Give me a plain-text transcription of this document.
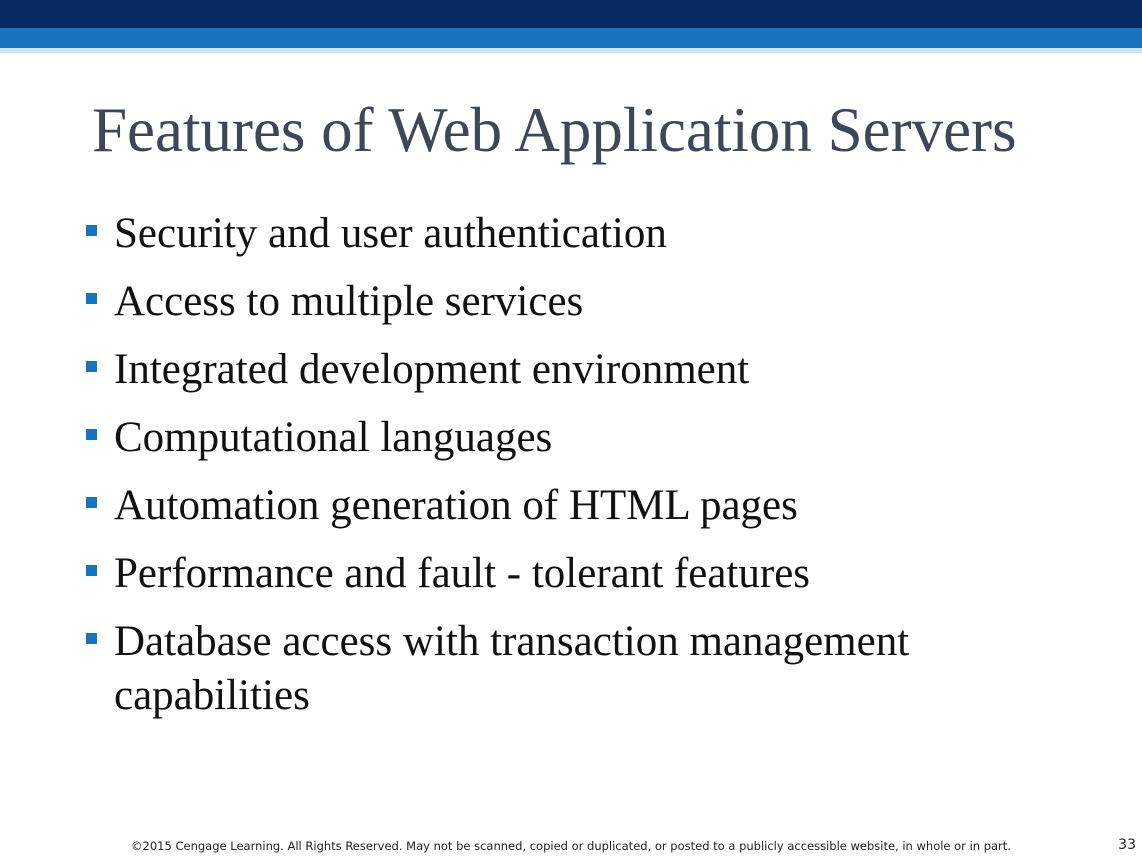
Features of Web Application Servers
Security and user authentication
Access to multiple services
Integrated development environment
Computational languages
Automation generation of HTML pages
Performance and fault - tolerant features
Database access with transaction management capabilities
©2015 Cengage Learning. All Rights Reserved. May not be scanned, copied or duplicated, or posted to a publicly accessible website, in whole or in part.	33
